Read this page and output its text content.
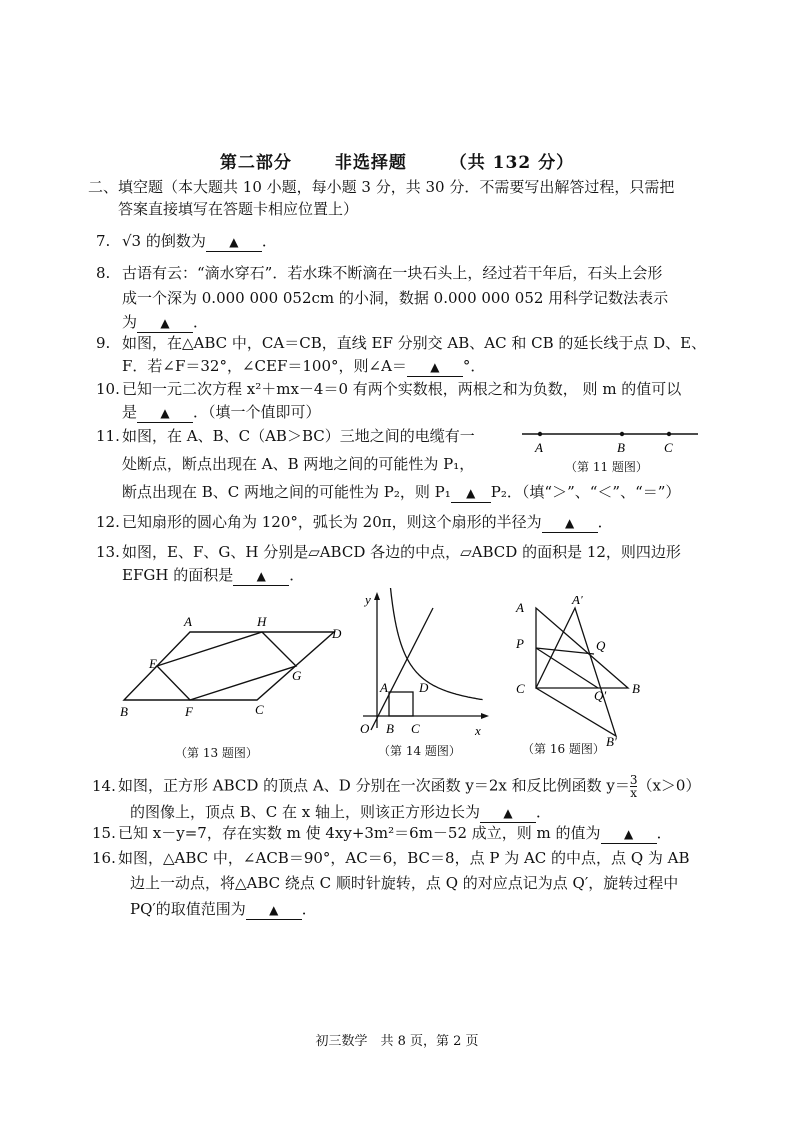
第二部分	非选择题	（共 132 分）
二、填空题（本大题共 10 小题，每小题 3 分，共 30 分．不需要写出解答过程，只需把
答案直接填写在答题卡相应位置上）
7. √3 的倒数为 ▲ ．
8. 古语有云：“滴水穿石”．若水珠不断滴在一块石头上，经过若干年后，石头上会形
成一个深为 0.000 000 052cm 的小洞，数据 0.000 000 052 用科学记数法表示
为 ▲ ．
9. 如图，在△ABC 中，CA＝CB，直线 EF 分别交 AB、AC 和 CB 的延长线于点 D、E、
F．若∠F＝32°，∠CEF＝100°，则∠A＝ ▲ °．
10. 已知一元二次方程 x²＋mx－4＝0 有两个实数根，两根之和为负数， 则 m 的值可以
是 ▲ ．（填一个值即可）
11. 如图，在 A、B、C（AB＞BC）三地之间的电缆有一
处断点，断点出现在 A、B 两地之间的可能性为 P₁，
断点出现在 B、C 两地之间的可能性为 P₂，则 P₁ ▲ P₂．（填“＞”、“＜”、“＝”）
A	B	C
（第 11 题图）
12. 已知扇形的圆心角为 120°，弧长为 20π，则这个扇形的半径为 ▲ ．
13. 如图，E、F、G、H 分别是▱ABCD 各边的中点，▱ABCD 的面积是 12，则四边形
EFGH 的面积是 ▲ ．
A	H
D
E
G
B	F	C
（第 13 题图）
y
A D
O B C	x
（第 14 题图）
A
A′
P	Q
C	Q′ B
B′
（第 16 题图）
14. 如图，正方形 ABCD 的顶点 A、D 分别在一次函数 y＝2x 和反比例函数 $y= \frac{3}{x} (x>0)$
的图像上，顶点 B、C 在 x 轴上，则该正方形边长为 ▲ ．
15. 已知 x－y=7，存在实数 m 使 4xy+3m²＝6m－52 成立，则 m 的值为 ▲ ．
16. 如图，△ABC 中，∠ACB＝90°，AC＝6，BC＝8，点 P 为 AC 的中点，点 Q 为 AB
边上一动点，将△ABC 绕点 C 顺时针旋转，点 Q 的对应点记为点 Q′，旋转过程中
PQ′的取值范围为 ▲ ．
初三数学　共 8 页，第 2 页
